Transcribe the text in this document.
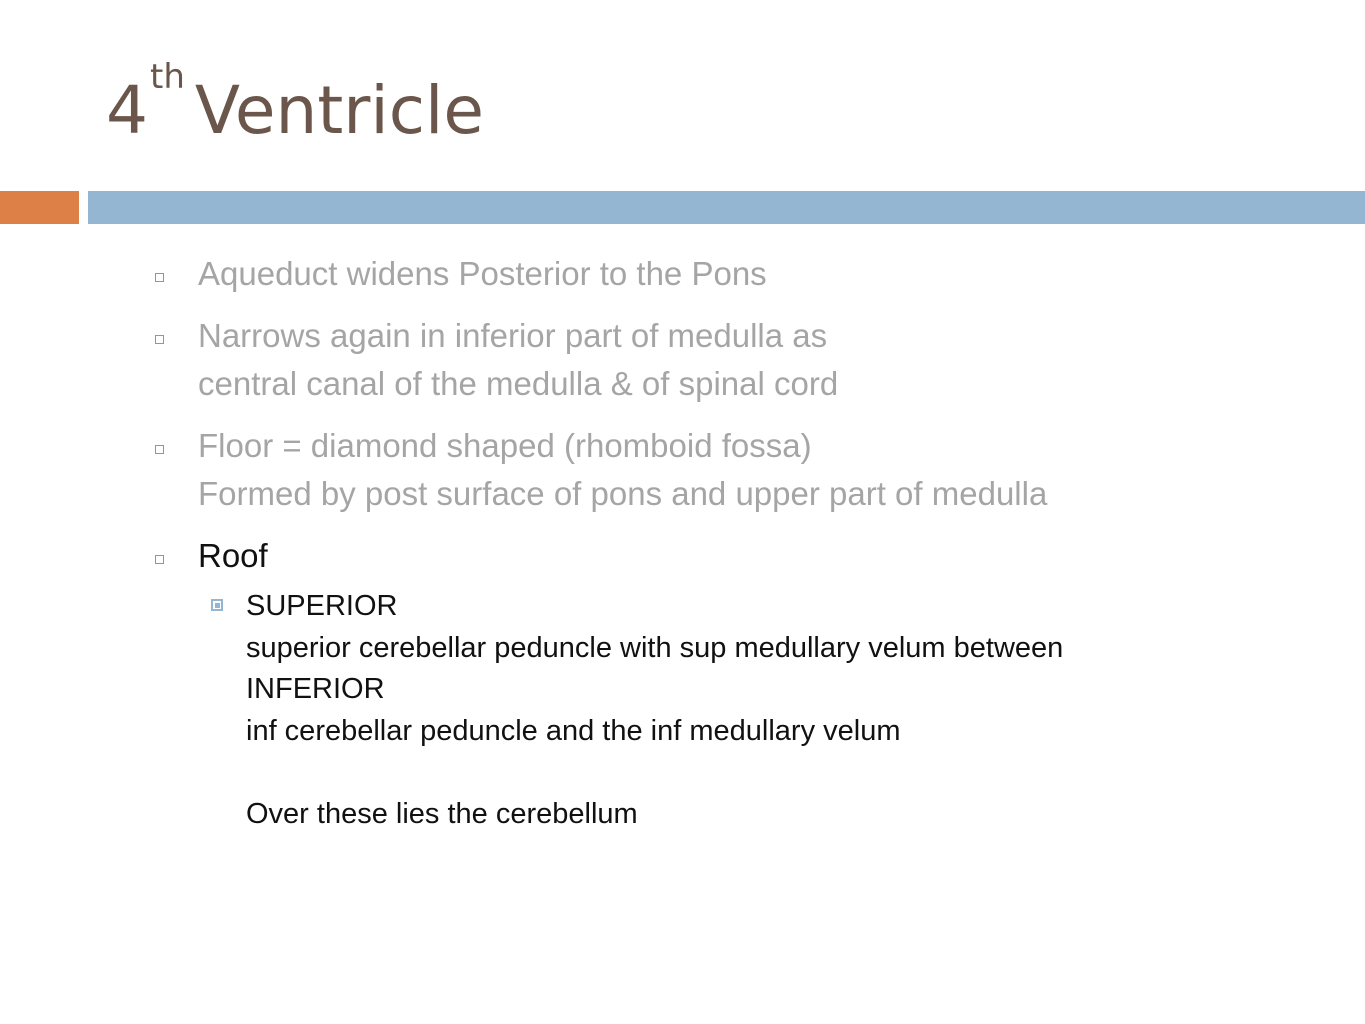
4th Ventricle
Aqueduct widens Posterior to the Pons
Narrows again in inferior part of medulla as
central canal of the medulla & of spinal cord
Floor = diamond shaped (rhomboid fossa)
Formed by post surface of pons and upper part of medulla
Roof
SUPERIOR
superior cerebellar peduncle with sup medullary velum between
INFERIOR
inf cerebellar peduncle and the inf medullary velum
Over these lies the cerebellum
